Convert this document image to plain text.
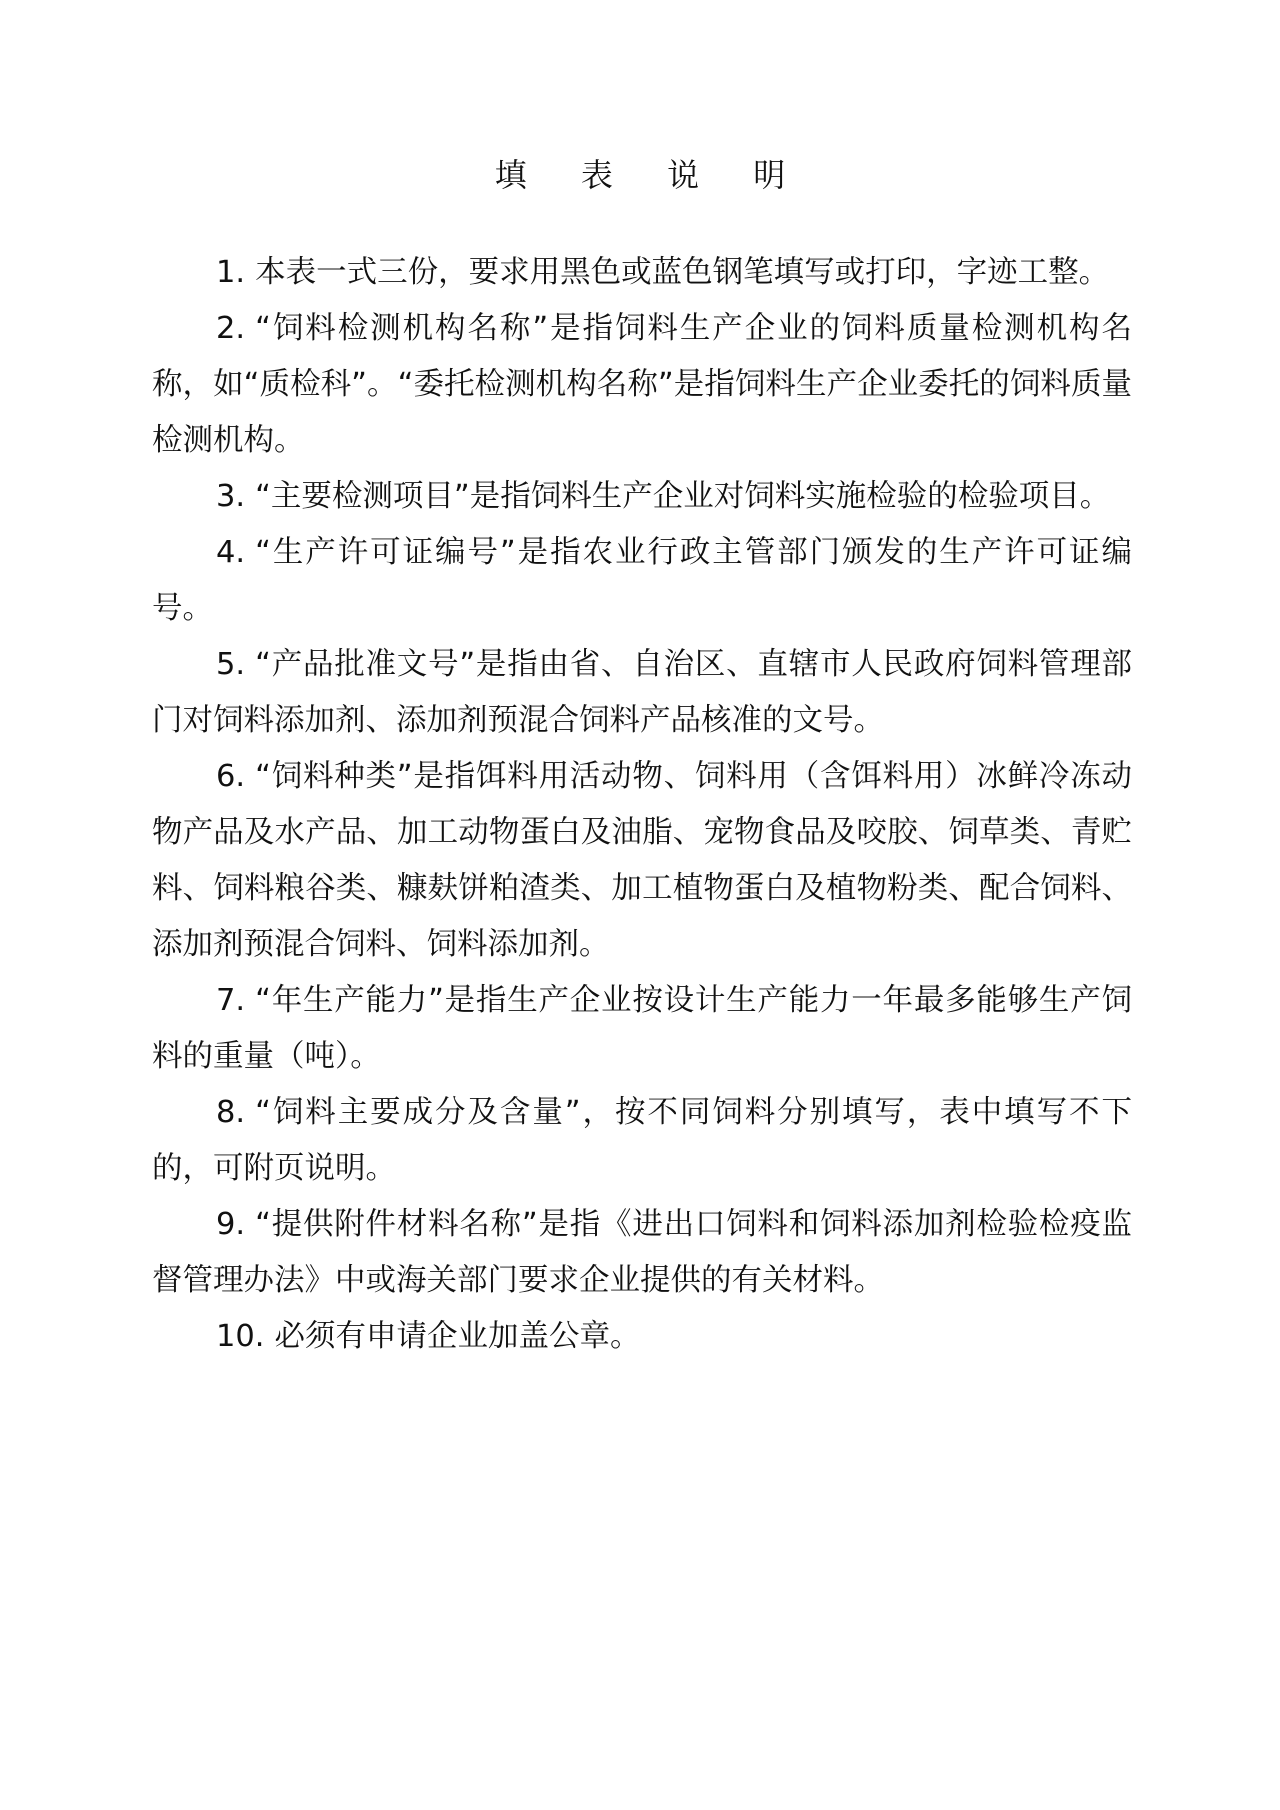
填 表 说 明

1. 本表一式三份，要求用黑色或蓝色钢笔填写或打印，字迹工整。

2. “饲料检测机构名称”是指饲料生产企业的饲料质量检测机构名称，如“质检科”。“委托检测机构名称”是指饲料生产企业委托的饲料质量检测机构。

3. “主要检测项目”是指饲料生产企业对饲料实施检验的检验项目。

4. “生产许可证编号”是指农业行政主管部门颁发的生产许可证编号。

5. “产品批准文号”是指由省、自治区、直辖市人民政府饲料管理部门对饲料添加剂、添加剂预混合饲料产品核准的文号。

6. “饲料种类”是指饵料用活动物、饲料用（含饵料用）冰鲜冷冻动物产品及水产品、加工动物蛋白及油脂、宠物食品及咬胶、饲草类、青贮料、饲料粮谷类、糠麸饼粕渣类、加工植物蛋白及植物粉类、配合饲料、添加剂预混合饲料、饲料添加剂。

7. “年生产能力”是指生产企业按设计生产能力一年最多能够生产饲料的重量（吨）。

8. “饲料主要成分及含量”，按不同饲料分别填写，表中填写不下的，可附页说明。

9. “提供附件材料名称”是指《进出口饲料和饲料添加剂检验检疫监督管理办法》中或海关部门要求企业提供的有关材料。

10. 必须有申请企业加盖公章。
